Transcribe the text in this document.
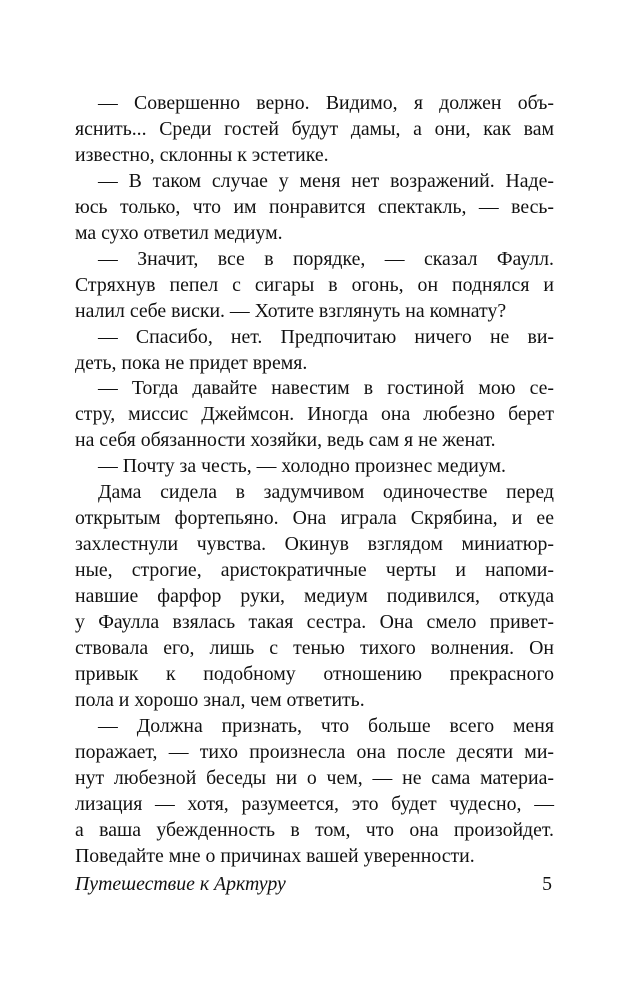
— Совершенно верно. Видимо, я должен объ-
яснить... Среди гостей будут дамы, а они, как вам
известно, склонны к эстетике.
— В таком случае у меня нет возражений. Наде-
юсь только, что им понравится спектакль, — весь-
ма сухо ответил медиум.
— Значит, все в порядке, — сказал Фаулл.
Стряхнув пепел с сигары в огонь, он поднялся и
налил себе виски. — Хотите взглянуть на комнату?
— Спасибо, нет. Предпочитаю ничего не ви-
деть, пока не придет время.
— Тогда давайте навестим в гостиной мою се-
стру, миссис Джеймсон. Иногда она любезно берет
на себя обязанности хозяйки, ведь сам я не женат.
— Почту за честь, — холодно произнес медиум.
Дама сидела в задумчивом одиночестве перед
открытым фортепьяно. Она играла Скрябина, и ее
захлестнули чувства. Окинув взглядом миниатюр-
ные, строгие, аристократичные черты и напоми-
навшие фарфор руки, медиум подивился, откуда
у Фаулла взялась такая сестра. Она смело привет-
ствовала его, лишь с тенью тихого волнения. Он
привык к подобному отношению прекрасного
пола и хорошо знал, чем ответить.
— Должна признать, что больше всего меня
поражает, — тихо произнесла она после десяти ми-
нут любезной беседы ни о чем, — не сама материа-
лизация — хотя, разумеется, это будет чудесно, —
а ваша убежденность в том, что она произойдет.
Поведайте мне о причинах вашей уверенности.
Путешествие к Арктуру	5
